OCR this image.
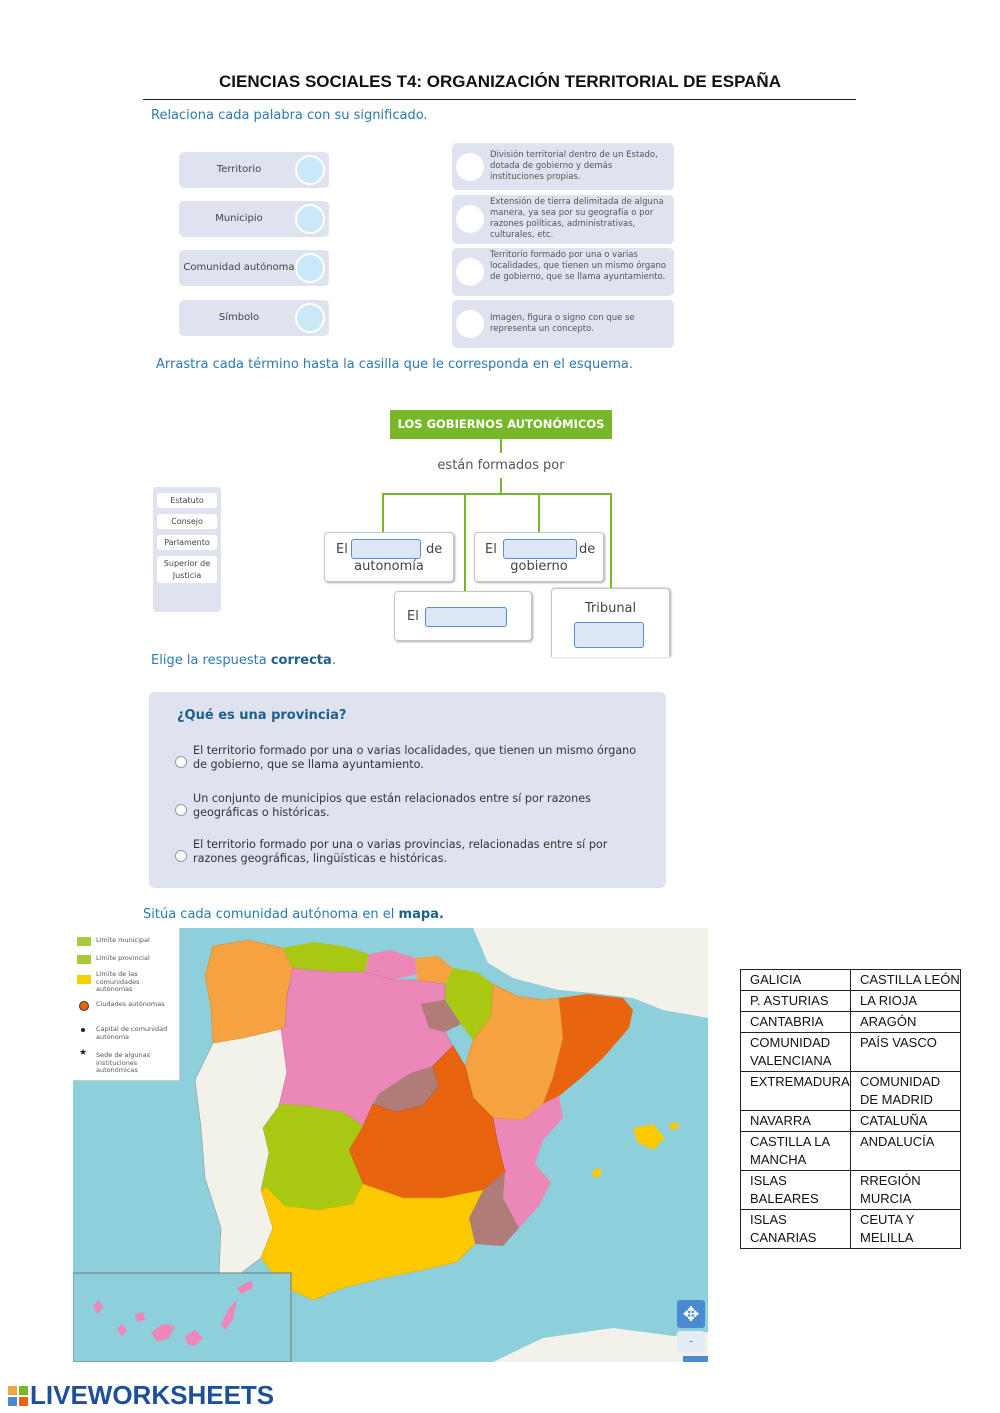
CIENCIAS SOCIALES T4: ORGANIZACIÓN TERRITORIAL DE ESPAÑA
Relaciona cada palabra con su significado.
Territorio
Municipio
Comunidad autónoma
Símbolo
División territorial dentro de un Estado, dotada de gobierno y demás instituciones propias.
Extensión de tierra delimitada de alguna manera, ya sea por su geografía o por razones políticas, administrativas, culturales, etc.
Territorio formado por una o varias localidades, que tienen un mismo órgano de gobierno, que se llama ayuntamiento.
Imagen, figura o signo con que se representa un concepto.
Arrastra cada término hasta la casilla que le corresponda en el esquema.
LOS GOBIERNOS AUTONÓMICOS
están formados por
Estatuto
Consejo
Parlamento
Superior de Justicia
El	de
autonomía
El	de
gobierno
El
Tribunal
Elige la respuesta correcta.
¿Qué es una provincia?
El territorio formado por una o varias localidades, que tienen un mismo órgano de gobierno, que se llama ayuntamiento.
Un conjunto de municipios que están relacionados entre sí por razones geográficas o históricas.
El territorio formado por una o varias provincias, relacionadas entre sí por razones geográficas, lingüísticas e históricas.
Sitúa cada comunidad autónoma en el mapa.
Límite municipal
Límite provincial
Límite de las comunidades autónomas
Ciudades autónomas
Capital de comunidad autónoma
★	Sede de algunas instituciones autonómicas
✥
-
GALICIA	CASTILLA LEÓN
P. ASTURIAS	LA RIOJA
CANTABRIA	ARAGÓN
COMUNIDAD VALENCIANA	PAÍS VASCO
EXTREMADURA	COMUNIDAD DE MADRID
NAVARRA	CATALUÑA
CASTILLA LA MANCHA	ANDALUCÍA
ISLAS BALEARES	RREGIÓN MURCIA
ISLAS CANARIAS	CEUTA Y MELILLA
LIVEWORKSHEETS
